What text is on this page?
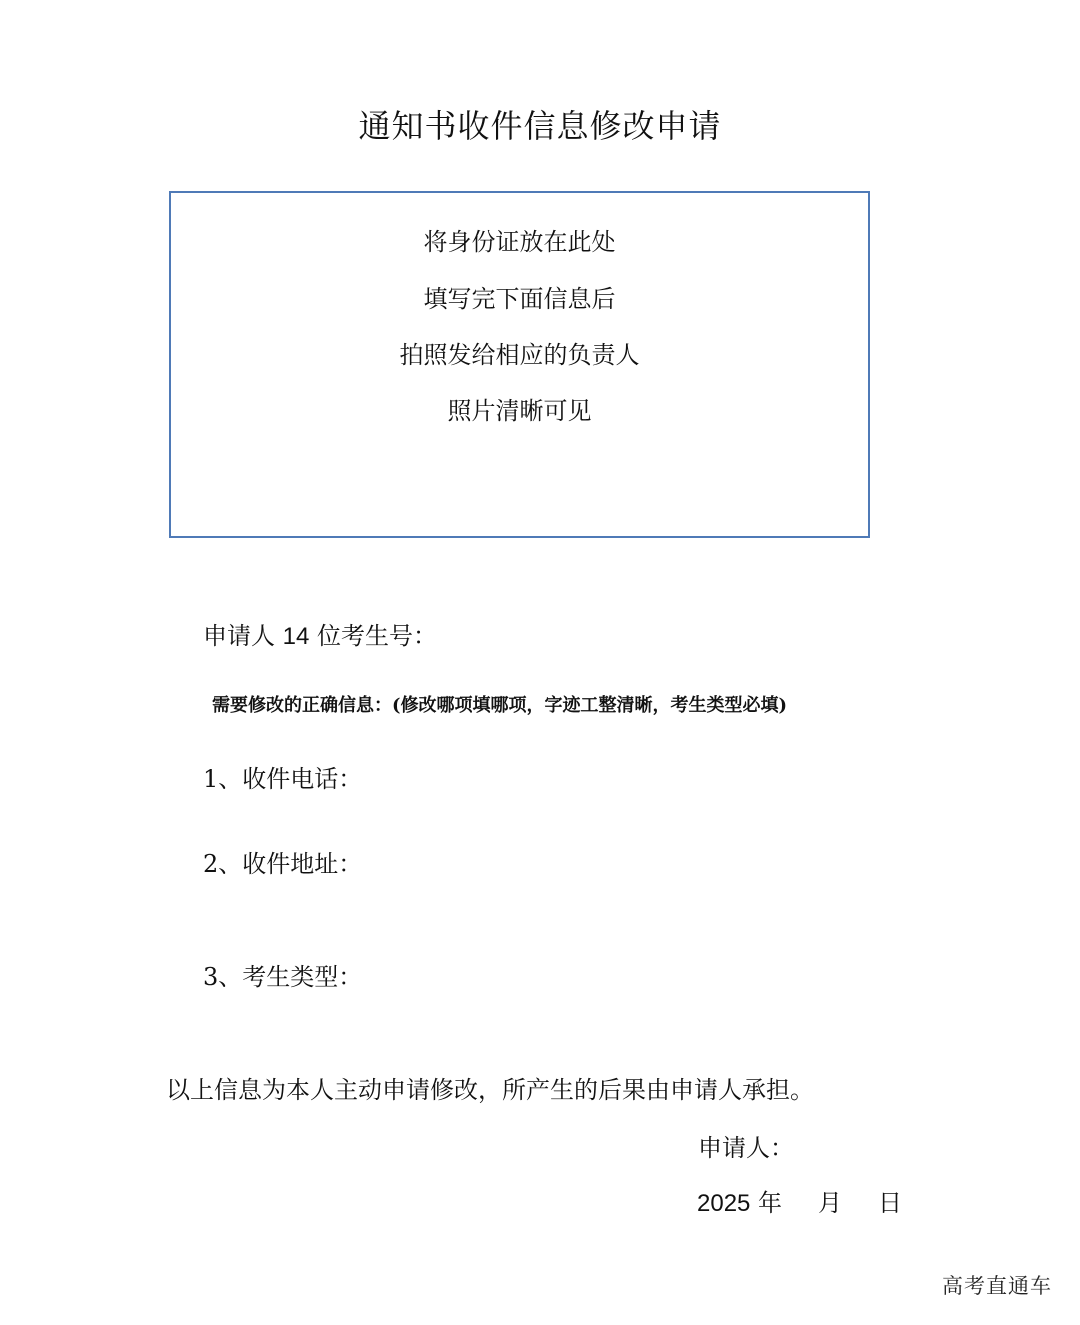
通知书收件信息修改申请
将身份证放在此处
填写完下面信息后
拍照发给相应的负责人
照片清晰可见
申请人 14 位考生号：
需要修改的正确信息：(修改哪项填哪项，字迹工整清晰，考生类型必填)
1、收件电话：
2、收件地址：
3、考生类型：
以上信息为本人主动申请修改，所产生的后果由申请人承担。
申请人：
2025 年 月 日
高考直通车
